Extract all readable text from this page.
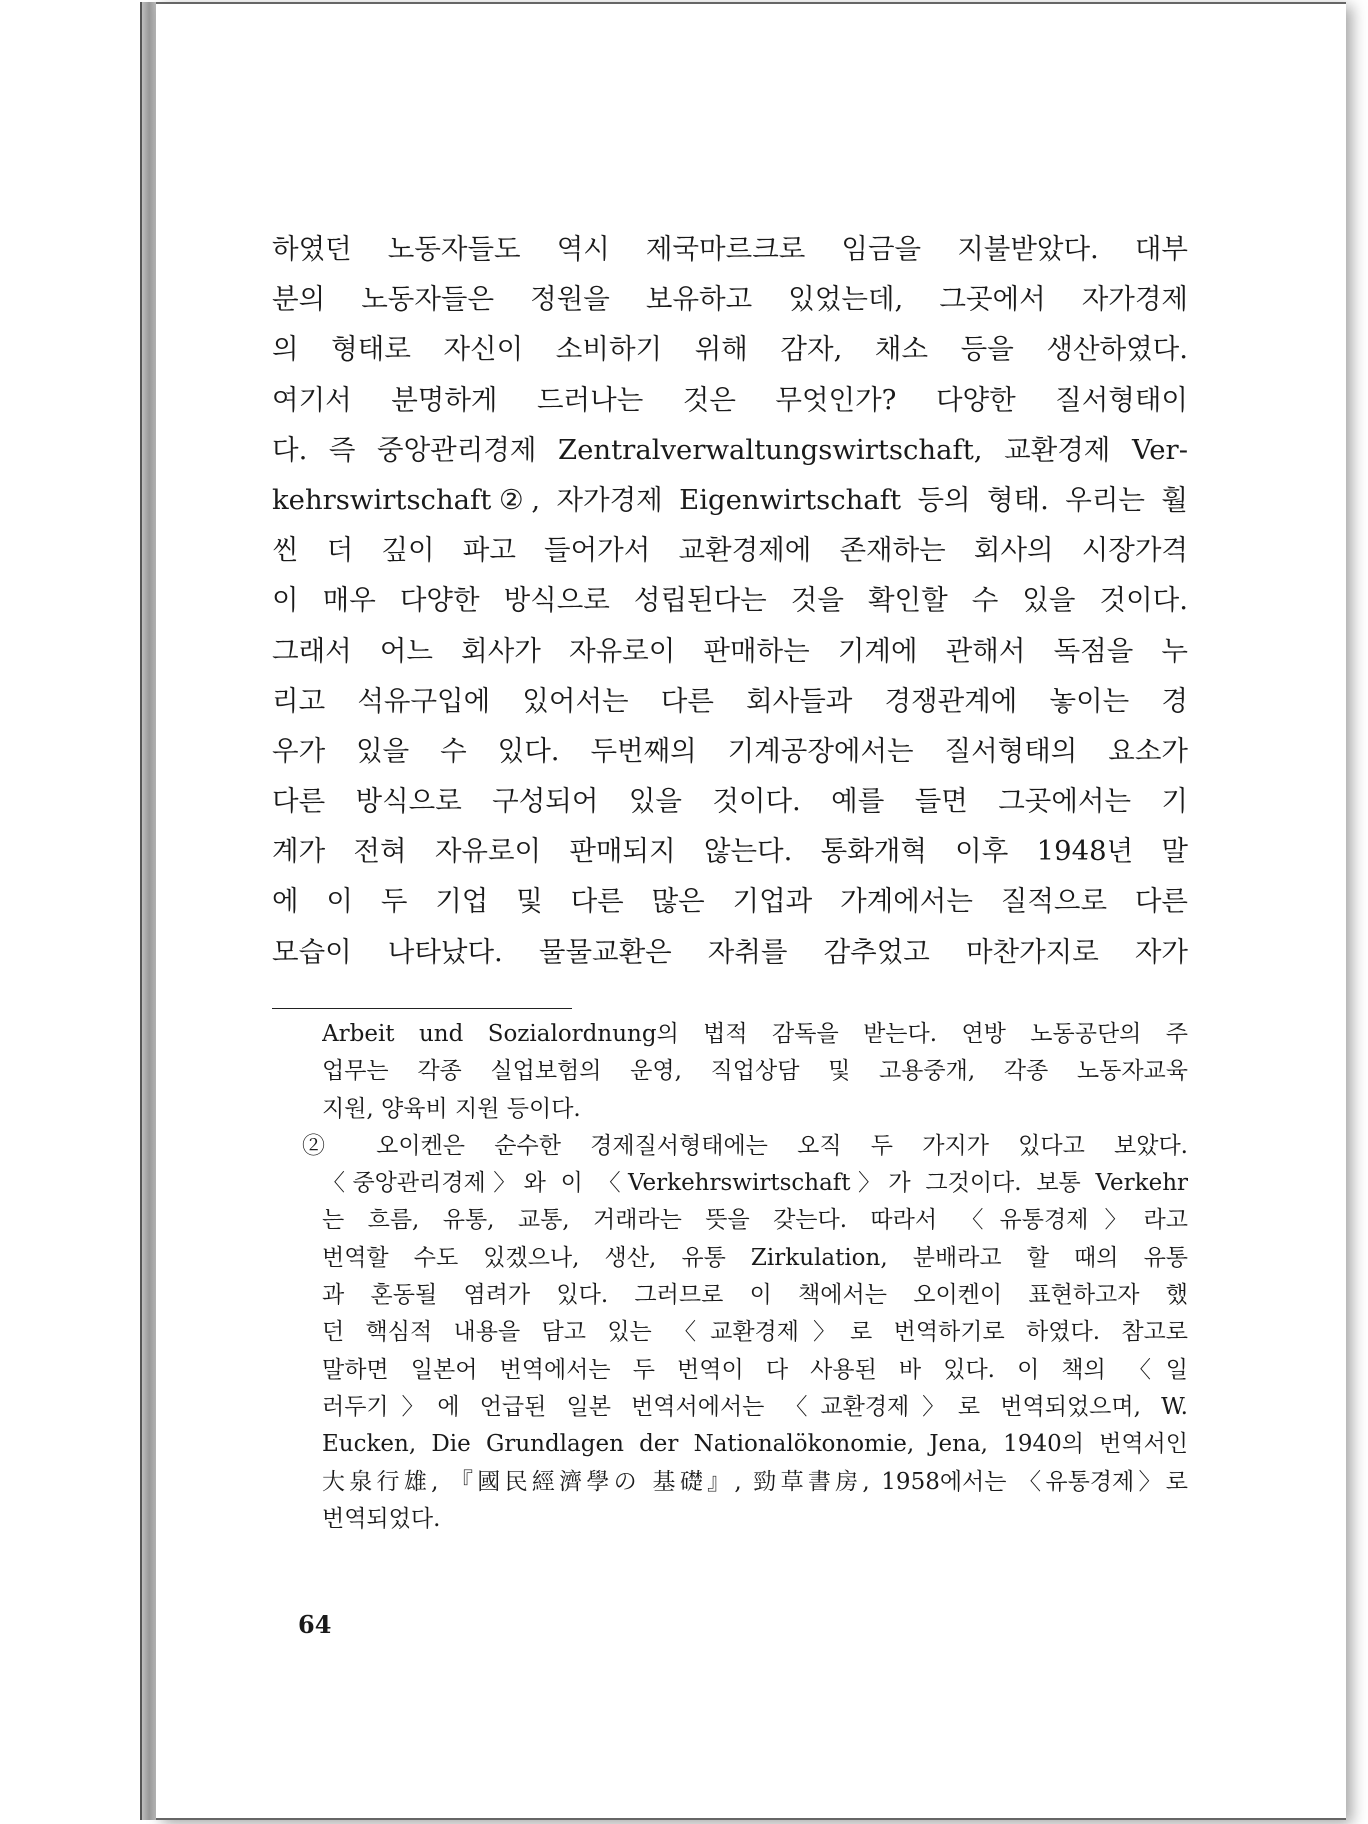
하였던 노동자들도 역시 제국마르크로 임금을 지불받았다. 대부
분의 노동자들은 정원을 보유하고 있었는데, 그곳에서 자가경제
의 형태로 자신이 소비하기 위해 감자, 채소 등을 생산하였다.
여기서 분명하게 드러나는 것은 무엇인가? 다양한 질서형태이
다. 즉 중앙관리경제 Zentralverwaltungswirtschaft, 교환경제 Ver-
kehrswirtschaft②, 자가경제 Eigenwirtschaft 등의 형태. 우리는 훨
씬 더 깊이 파고 들어가서 교환경제에 존재하는 회사의 시장가격
이 매우 다양한 방식으로 성립된다는 것을 확인할 수 있을 것이다.
그래서 어느 회사가 자유로이 판매하는 기계에 관해서 독점을 누
리고 석유구입에 있어서는 다른 회사들과 경쟁관계에 놓이는 경
우가 있을 수 있다. 두번째의 기계공장에서는 질서형태의 요소가
다른 방식으로 구성되어 있을 것이다. 예를 들면 그곳에서는 기
계가 전혀 자유로이 판매되지 않는다. 통화개혁 이후 1948년 말
에 이 두 기업 및 다른 많은 기업과 가계에서는 질적으로 다른
모습이 나타났다. 물물교환은 자취를 감추었고 마찬가지로 자가
Arbeit und Sozialordnung의 법적 감독을 받는다. 연방 노동공단의 주
업무는 각종 실업보험의 운영, 직업상담 및 고용중개, 각종 노동자교육
지원, 양육비 지원 등이다.
② 오이켄은 순수한 경제질서형태에는 오직 두 가지가 있다고 보았다.
〈중앙관리경제〉와 이 〈Verkehrswirtschaft〉가 그것이다. 보통 Verkehr
는 흐름, 유통, 교통, 거래라는 뜻을 갖는다. 따라서 〈유통경제〉라고
번역할 수도 있겠으나, 생산, 유통 Zirkulation, 분배라고 할 때의 유통
과 혼동될 염려가 있다. 그러므로 이 책에서는 오이켄이 표현하고자 했
던 핵심적 내용을 담고 있는 〈교환경제〉로 번역하기로 하였다. 참고로
말하면 일본어 번역에서는 두 번역이 다 사용된 바 있다. 이 책의 〈일
러두기〉에 언급된 일본 번역서에서는 〈교환경제〉로 번역되었으며, W.
Eucken, Die Grundlagen der Nationalökonomie, Jena, 1940의 번역서인
大泉行雄, 『國民經濟學の 基礎』, 勁草書房, 1958에서는 〈유통경제〉로
번역되었다.
64
